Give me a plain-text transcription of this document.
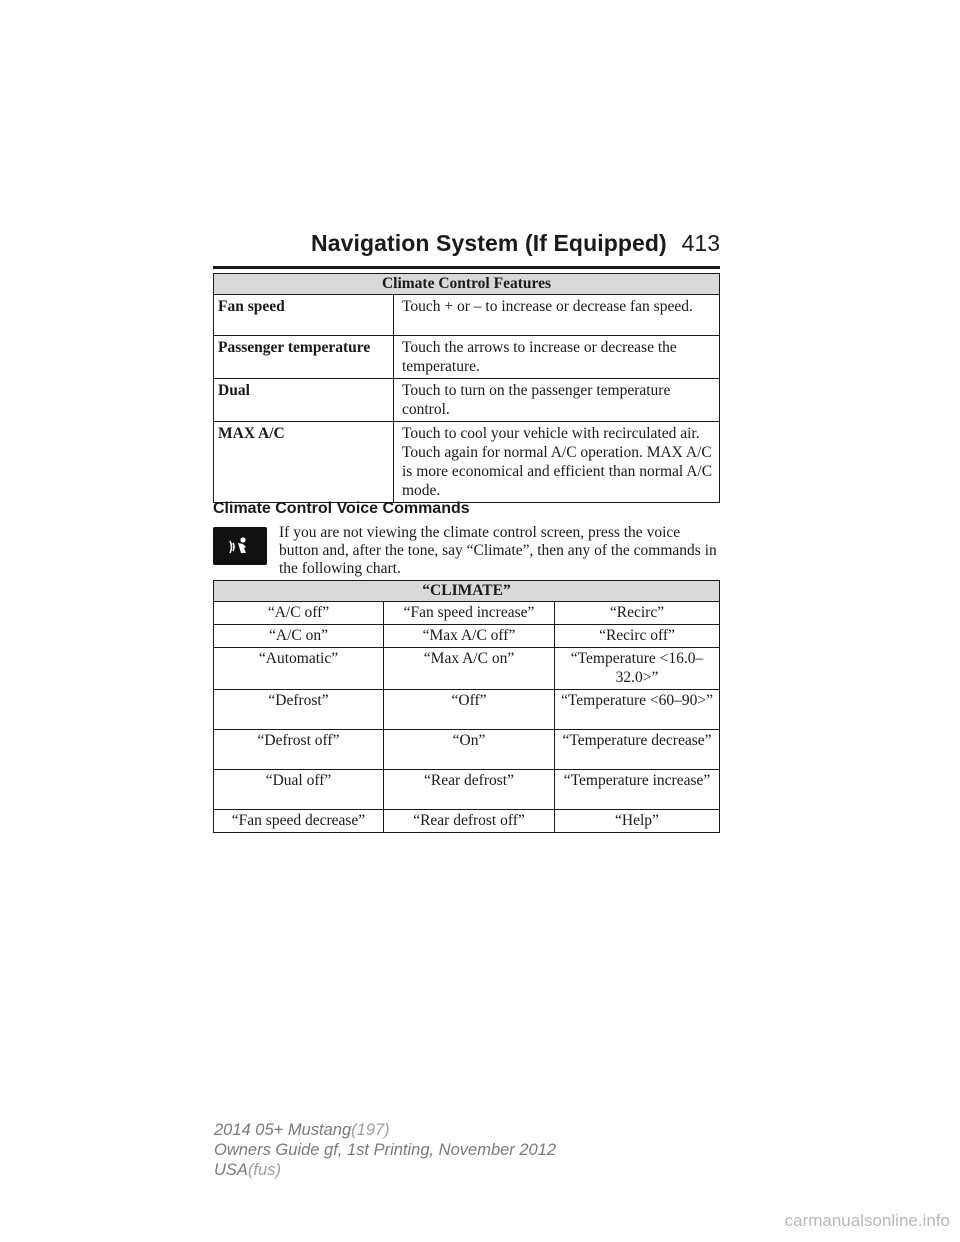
Navigation System (If Equipped) 413
Climate Control Features	
Fan speed	Touch + or – to increase or decrease fan speed.
Passenger temperature	Touch the arrows to increase or decrease the temperature.
Dual	Touch to turn on the passenger temperature control.
MAX A/C	Touch to cool your vehicle with recirculated air. Touch again for normal A/C operation. MAX A/C is more economical and efficient than normal A/C mode.
Climate Control Voice Commands
If you are not viewing the climate control screen, press the voice button and, after the tone, say “Climate”, then any of the commands in the following chart.
“CLIMATE”		
“A/C off”	“Fan speed increase”	“Recirc”
“A/C on”	“Max A/C off”	“Recirc off”
“Automatic”	“Max A/C on”	“Temperature <16.0–32.0>”
“Defrost”	“Off”	“Temperature <60–90>”
“Defrost off”	“On”	“Temperature decrease”
“Dual off”	“Rear defrost”	“Temperature increase”
“Fan speed decrease”	“Rear defrost off”	“Help”
2014 05+ Mustang(197)
Owners Guide gf, 1st Printing, November 2012
USA(fus)
carmanualsonline.info
